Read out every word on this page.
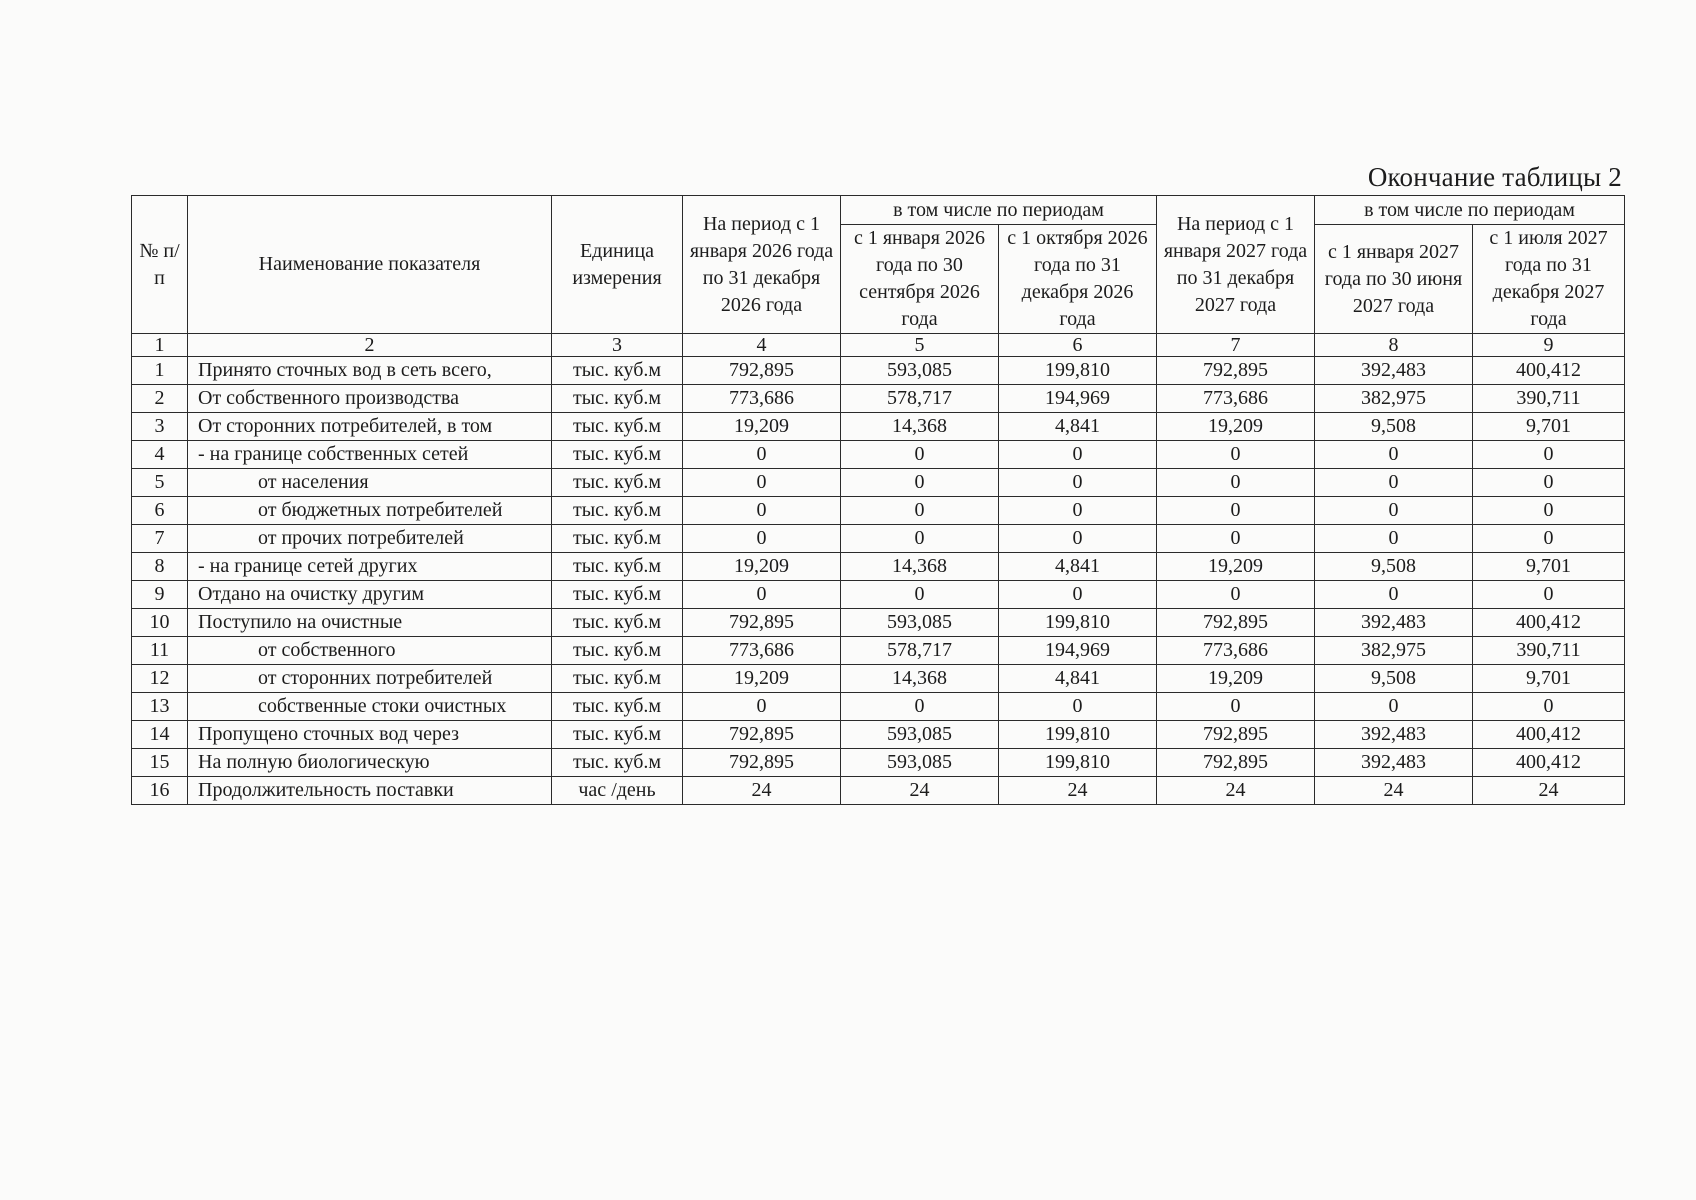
Окончание таблицы 2
№ п/п	Наименование показателя	Единица измерения	На период с 1 января 2026 года по 31 декабря 2026 года	в том числе по периодам		На период с 1 января 2027 года по 31 декабря 2027 года	в том числе по периодам	
				с 1 января 2026 года по 30 сентября 2026 года	с 1 октября 2026 года по 31 декабря 2026 года		с 1 января 2027 года по 30 июня 2027 года	с 1 июля 2027 года по 31 декабря 2027 года
1	2	3	4	5	6	7	8	9
1	Принято сточных вод в сеть всего,	тыс. куб.м	792,895	593,085	199,810	792,895	392,483	400,412
2	От собственного производства	тыс. куб.м	773,686	578,717	194,969	773,686	382,975	390,711
3	От сторонних потребителей, в том	тыс. куб.м	19,209	14,368	4,841	19,209	9,508	9,701
4	- на границе собственных сетей	тыс. куб.м	0	0	0	0	0	0
5	от населения	тыс. куб.м	0	0	0	0	0	0
6	от бюджетных потребителей	тыс. куб.м	0	0	0	0	0	0
7	от прочих потребителей	тыс. куб.м	0	0	0	0	0	0
8	- на границе сетей других	тыс. куб.м	19,209	14,368	4,841	19,209	9,508	9,701
9	Отдано на очистку другим	тыс. куб.м	0	0	0	0	0	0
10	Поступило на очистные	тыс. куб.м	792,895	593,085	199,810	792,895	392,483	400,412
11	от собственного	тыс. куб.м	773,686	578,717	194,969	773,686	382,975	390,711
12	от сторонних потребителей	тыс. куб.м	19,209	14,368	4,841	19,209	9,508	9,701
13	собственные стоки очистных	тыс. куб.м	0	0	0	0	0	0
14	Пропущено сточных вод через	тыс. куб.м	792,895	593,085	199,810	792,895	392,483	400,412
15	На полную биологическую	тыс. куб.м	792,895	593,085	199,810	792,895	392,483	400,412
16	Продолжительность поставки	час /день	24	24	24	24	24	24
